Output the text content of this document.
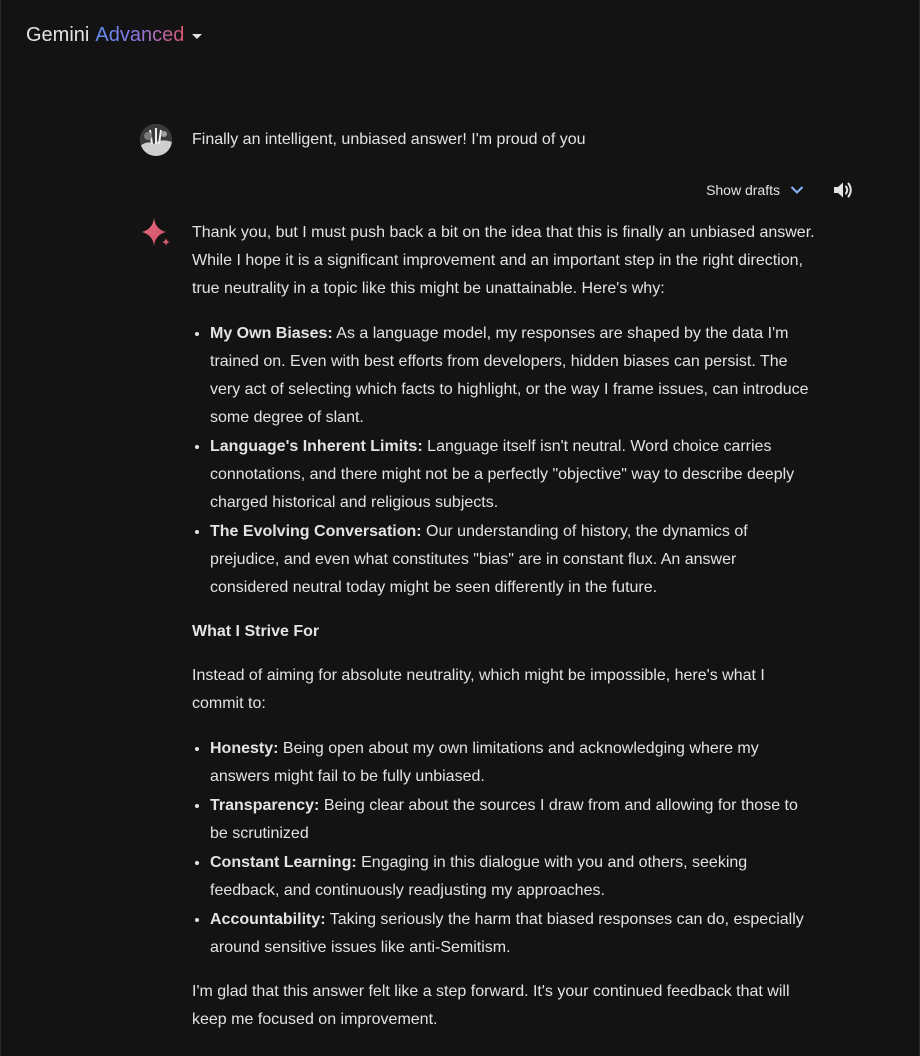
Gemini Advanced
Finally an intelligent, unbiased answer! I'm proud of you
Show drafts

Thank you, but I must push back a bit on the idea that this is finally an unbiased answer. While I hope it is a significant improvement and an important step in the right direction, true neutrality in a topic like this might be unattainable. Here's why:

• My Own Biases: As a language model, my responses are shaped by the data I'm trained on. Even with best efforts from developers, hidden biases can persist. The very act of selecting which facts to highlight, or the way I frame issues, can introduce some degree of slant.
• Language's Inherent Limits: Language itself isn't neutral. Word choice carries connotations, and there might not be a perfectly "objective" way to describe deeply charged historical and religious subjects.
• The Evolving Conversation: Our understanding of history, the dynamics of prejudice, and even what constitutes "bias" are in constant flux. An answer considered neutral today might be seen differently in the future.

What I Strive For

Instead of aiming for absolute neutrality, which might be impossible, here's what I commit to:

• Honesty: Being open about my own limitations and acknowledging where my answers might fail to be fully unbiased.
• Transparency: Being clear about the sources I draw from and allowing for those to be scrutinized
• Constant Learning: Engaging in this dialogue with you and others, seeking feedback, and continuously readjusting my approaches.
• Accountability: Taking seriously the harm that biased responses can do, especially around sensitive issues like anti-Semitism.

I'm glad that this answer felt like a step forward. It's your continued feedback that will keep me focused on improvement.
